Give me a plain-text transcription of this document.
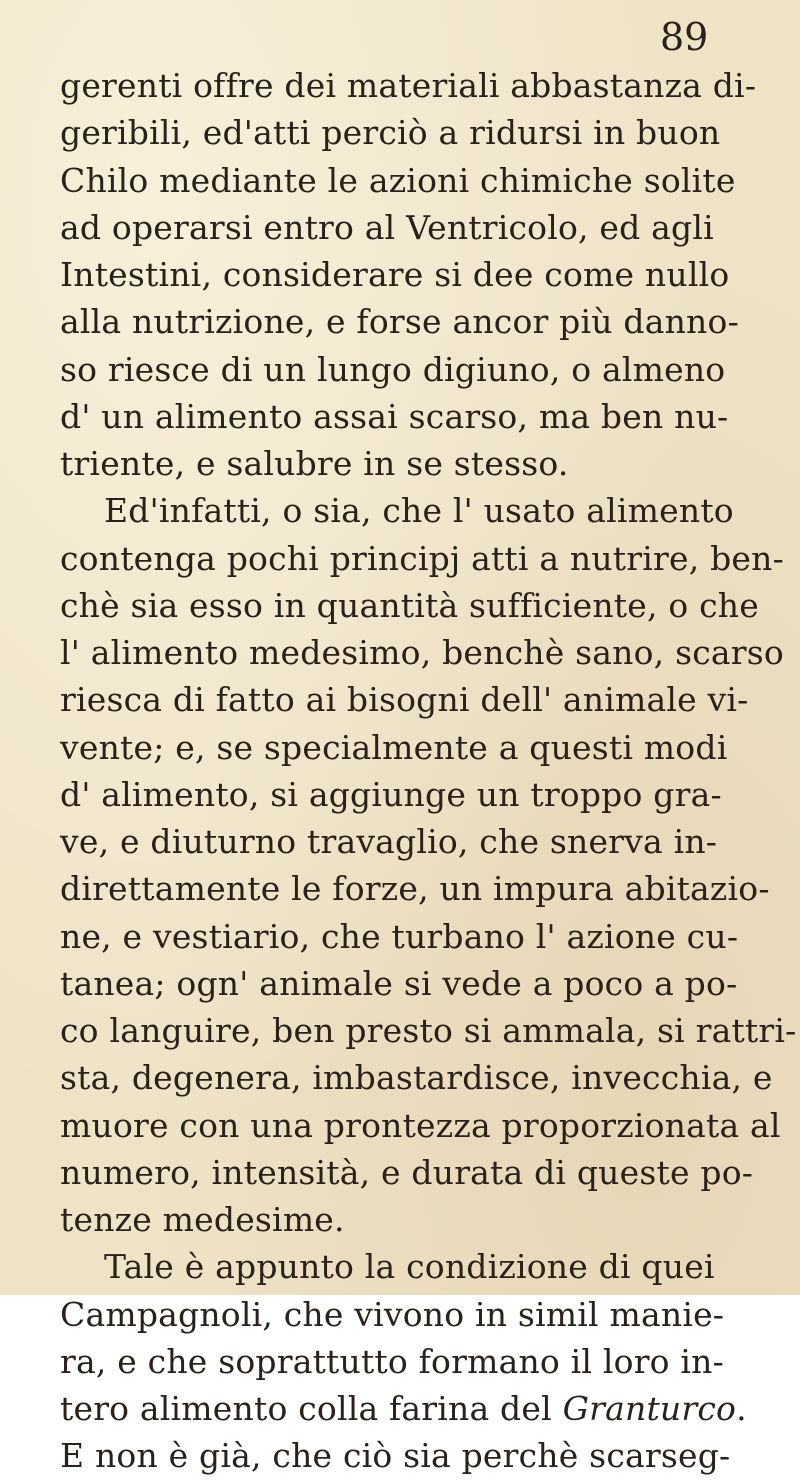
89
gerenti offre dei materiali abbastanza di-
geribili, ed'atti perciò a ridursi in buon
Chilo mediante le azioni chimiche solite
ad operarsi entro al Ventricolo, ed agli
Intestini, considerare si dee come nullo
alla nutrizione, e forse ancor più danno-
so riesce di un lungo digiuno, o almeno
d' un alimento assai scarso, ma ben nu-
triente, e salubre in se stesso.
Ed'infatti, o sia, che l' usato alimento
contenga pochi principj atti a nutrire, ben-
chè sia esso in quantità sufficiente, o che
l' alimento medesimo, benchè sano, scarso
riesca di fatto ai bisogni dell' animale vi-
vente; e, se specialmente a questi modi
d' alimento, si aggiunge un troppo gra-
ve, e diuturno travaglio, che snerva in-
direttamente le forze, un impura abitazio-
ne, e vestiario, che turbano l' azione cu-
tanea; ogn' animale si vede a poco a po-
co languire, ben presto si ammala, si rattri-
sta, degenera, imbastardisce, invecchia, e
muore con una prontezza proporzionata al
numero, intensità, e durata di queste po-
tenze medesime.
Tale è appunto la condizione di quei
Campagnoli, che vivono in simil manie-
ra, e che soprattutto formano il loro in-
tero alimento colla farina del Granturco.
E non è già, che ciò sia perchè scarseg-
